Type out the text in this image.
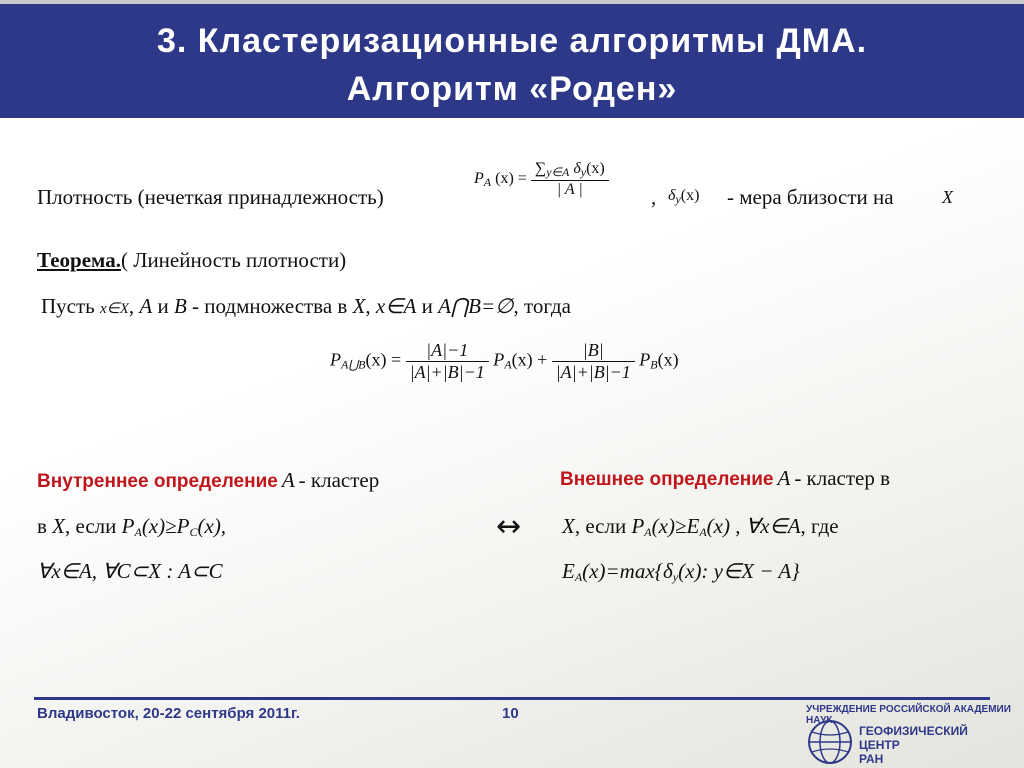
3. Кластеризационные алгоритмы ДМА.
Алгоритм «Роден»
Плотность (нечеткая принадлежность)
$P_A$ $(x) = \frac{\sum_{y\in A} \delta_y(x)}{| A |}$ , $\delta_y(x)$ - мера близости на	X
Теорема.( Линейность плотности)
Пусть x∈X, A и B - подмножества в X, x∈A и A⋂B=∅, тогда
$P_{A⋃B}(x) = \frac{|A|-1}{|A|+|B|-1} P_A(x) + \frac{|B|}{|A|+|B|-1} P_B(x)$
Внутреннее определение A - кластер
в X, если $P_A(x)\ge P_C(x)$,
∀x∈A, ∀C⊂X : A⊂C
↔
Внешнее определение A - кластер в
X, если $P_A(x)\ge E_A(x)$ , ∀x∈A, где
$E_A(x)=\max\{\delta_y(x)$: y∈X − A}
Владивосток, 20-22 сентября 2011г.	10	УЧРЕЖДЕНИЕ РОССИЙСКОЙ АКАДЕМИИ НАУК
ГЕОФИЗИЧЕСКИЙ
ЦЕНТР
РАН
